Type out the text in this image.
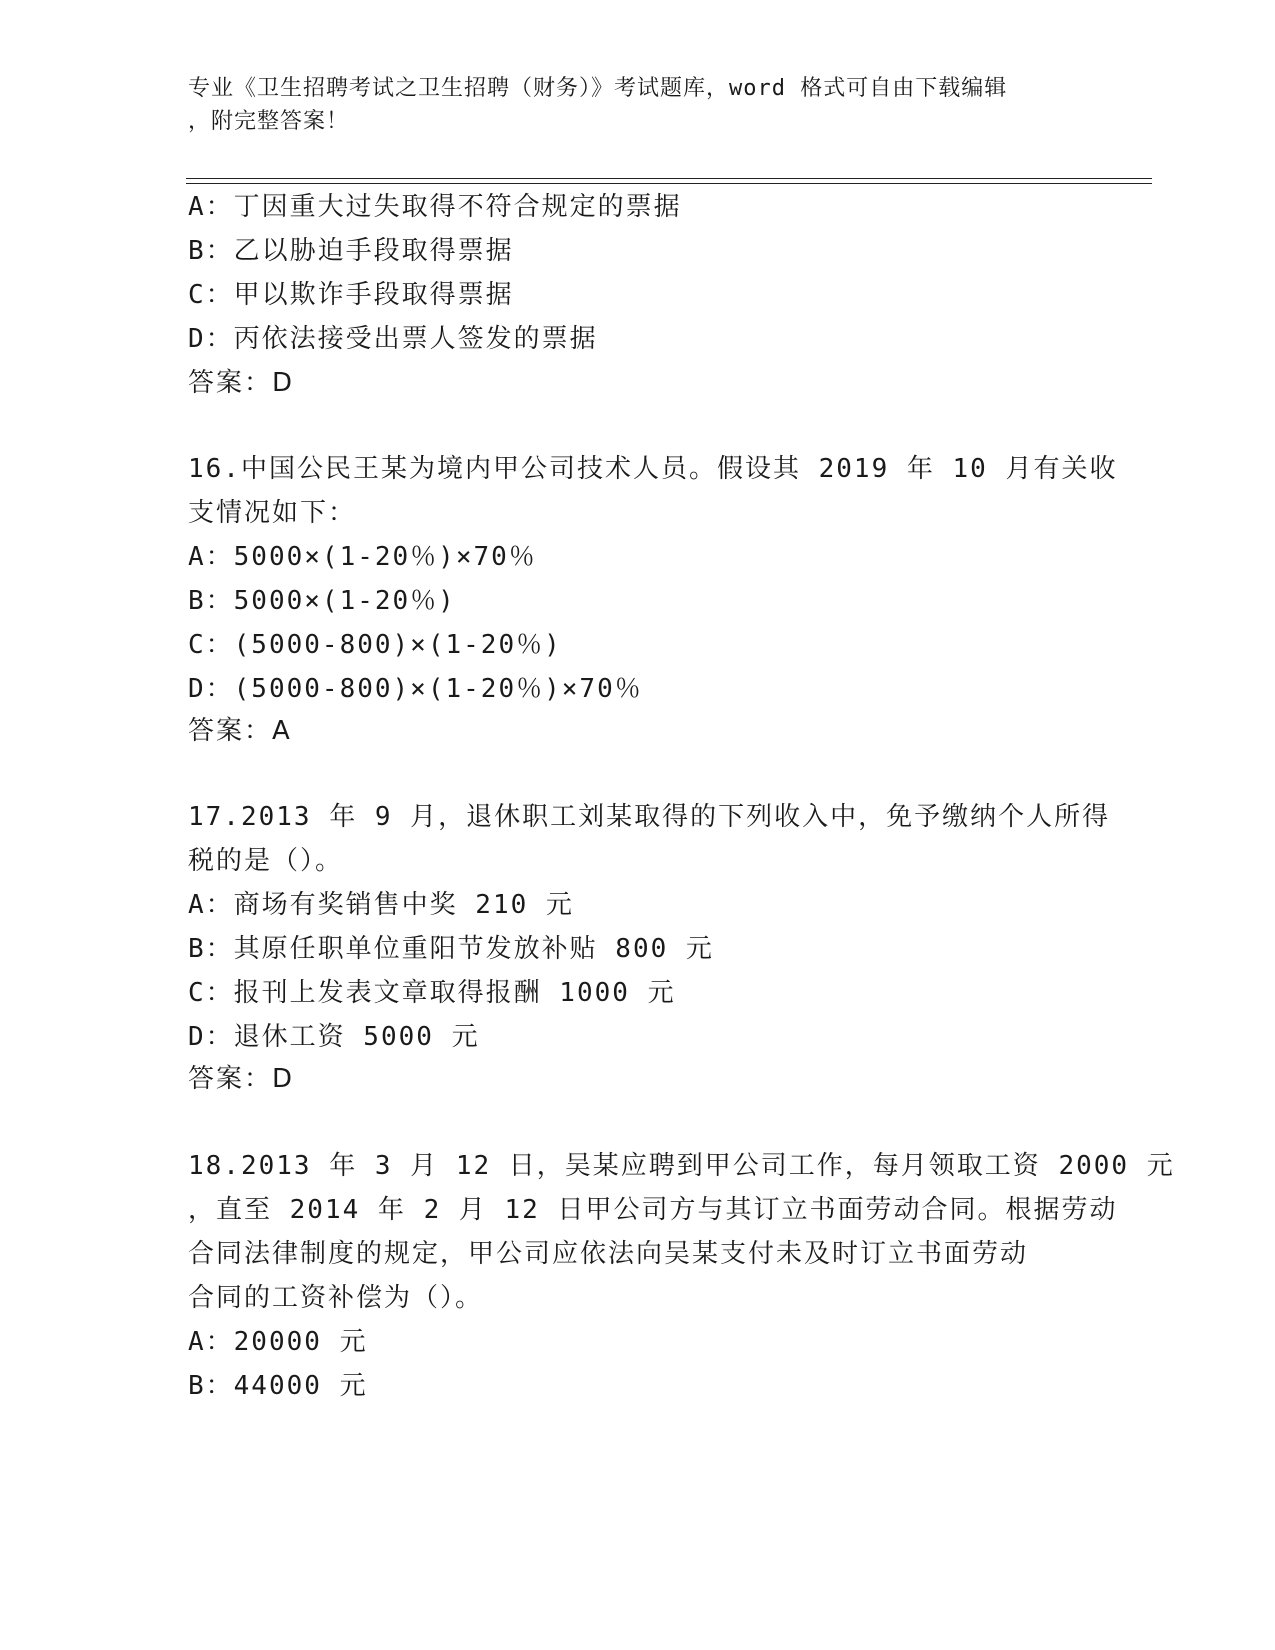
专业《卫生招聘考试之卫生招聘（财务）》考试题库，word 格式可自由下载编辑
，附完整答案！
A：丁因重大过失取得不符合规定的票据
B：乙以胁迫手段取得票据
C：甲以欺诈手段取得票据
D：丙依法接受出票人签发的票据
答案：D
16.中国公民王某为境内甲公司技术人员。假设其 2019 年 10 月有关收
支情况如下：
A：5000×(1-20％)×70％
B：5000×(1-20％)
C：(5000-800)×(1-20％)
D：(5000-800)×(1-20％)×70％
答案：A
17.2013 年 9 月，退休职工刘某取得的下列收入中，免予缴纳个人所得
税的是（）。
A：商场有奖销售中奖 210 元
B：其原任职单位重阳节发放补贴 800 元
C：报刊上发表文章取得报酬 1000 元
D：退休工资 5000 元
答案：D
18.2013 年 3 月 12 日，吴某应聘到甲公司工作，每月领取工资 2000 元
，直至 2014 年 2 月 12 日甲公司方与其订立书面劳动合同。根据劳动
合同法律制度的规定，甲公司应依法向吴某支付未及时订立书面劳动
合同的工资补偿为（）。
A：20000 元
B：44000 元
